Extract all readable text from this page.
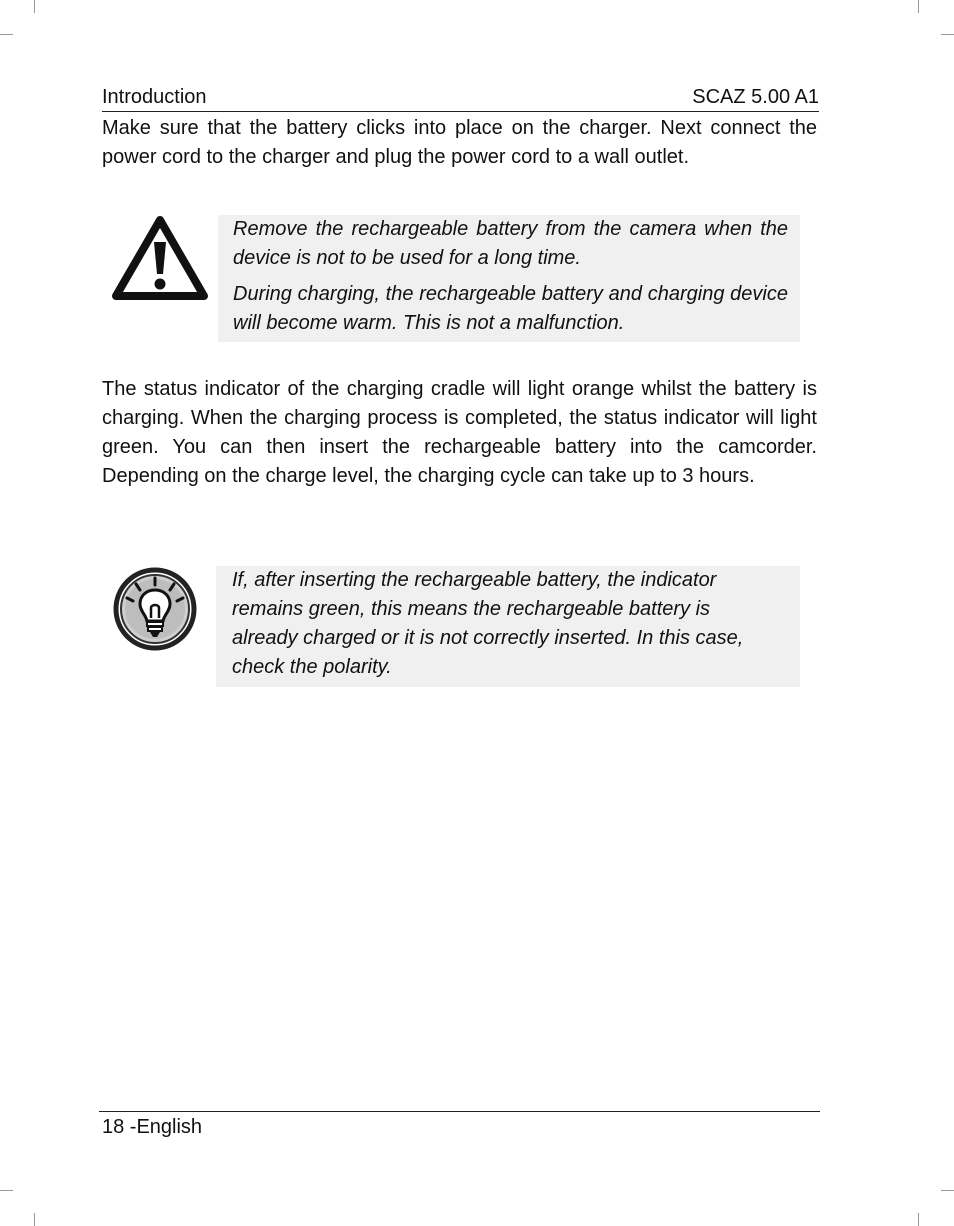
Introduction	SCAZ 5.00 A1

Make sure that the battery clicks into place on the charger. Next connect the power cord to the charger and plug the power cord to a wall outlet.

Remove the rechargeable battery from the camera when the device is not to be used for a long time.

During charging, the rechargeable battery and charging device will become warm. This is not a malfunction.

The status indicator of the charging cradle will light orange whilst the battery is charging. When the charging process is completed, the status indicator will light green. You can then insert the rechargeable battery into the camcorder. Depending on the charge level, the charging cycle can take up to 3 hours.

If, after inserting the rechargeable battery, the indicator

remains green, this means the rechargeable battery is

already charged or it is not correctly inserted. In this case,

check the polarity.

18 -English
